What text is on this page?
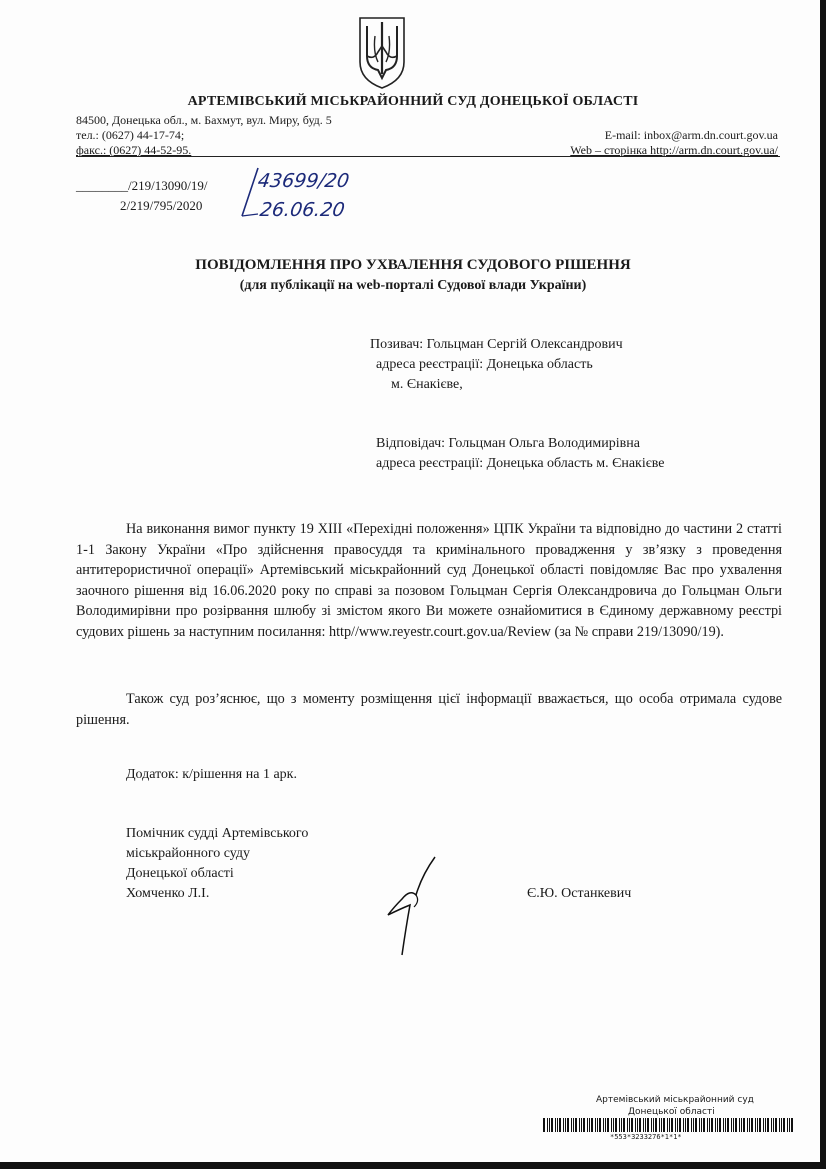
АРТЕМІВСЬКИЙ МІСЬКРАЙОННИЙ СУД ДОНЕЦЬКОЇ ОБЛАСТІ
84500, Донецька обл., м. Бахмут, вул. Миру, буд. 5
тел.: (0627) 44-17-74;
факс.: (0627) 44-52-95.
E-mail: inbox@arm.dn.court.gov.ua
Web – сторінка http://arm.dn.court.gov.ua/
________/219/13090/19/
2/219/795/2020
43699/20
26.06.20
ПОВІДОМЛЕННЯ ПРО УХВАЛЕННЯ СУДОВОГО РІШЕННЯ
(для публікації на web-порталі Судової влади України)
Позивач: Гольцман Сергій Олександрович
адреса реєстрації: Донецька область
м. Єнакієве,
Відповідач: Гольцман Ольга Володимирівна
адреса реєстрації: Донецька область м. Єнакієве

На виконання вимог пункту 19 XIII «Перехідні положення» ЦПК України та відповідно до частини 2 статті 1-1 Закону України «Про здійснення правосуддя та кримінального провадження у зв’язку з проведення антитерористичної операції» Артемівський міськрайонний суд Донецької області повідомляє Вас про ухвалення заочного рішення від 16.06.2020 року по справі за позовом Гольцман Сергія Олександровича до Гольцман Ольги Володимирівни про розірвання шлюбу зі змістом якого Ви можете ознайомитися в Єдиному державному реєстрі судових рішень за наступним посилання: http//www.reyestr.court.gov.ua/Review (за № справи 219/13090/19).

Також суд роз’яснює, що з моменту розміщення цієї інформації вважається, що особа отримала судове рішення.

Додаток: к/рішення на 1 арк.
Помічник судді Артемівського
міськрайонного суду
Донецької області
Хомченко Л.І.	Є.Ю. Останкевич
Артемівський міськрайонний суд
Донецької області
*553*3233276*1*1*
